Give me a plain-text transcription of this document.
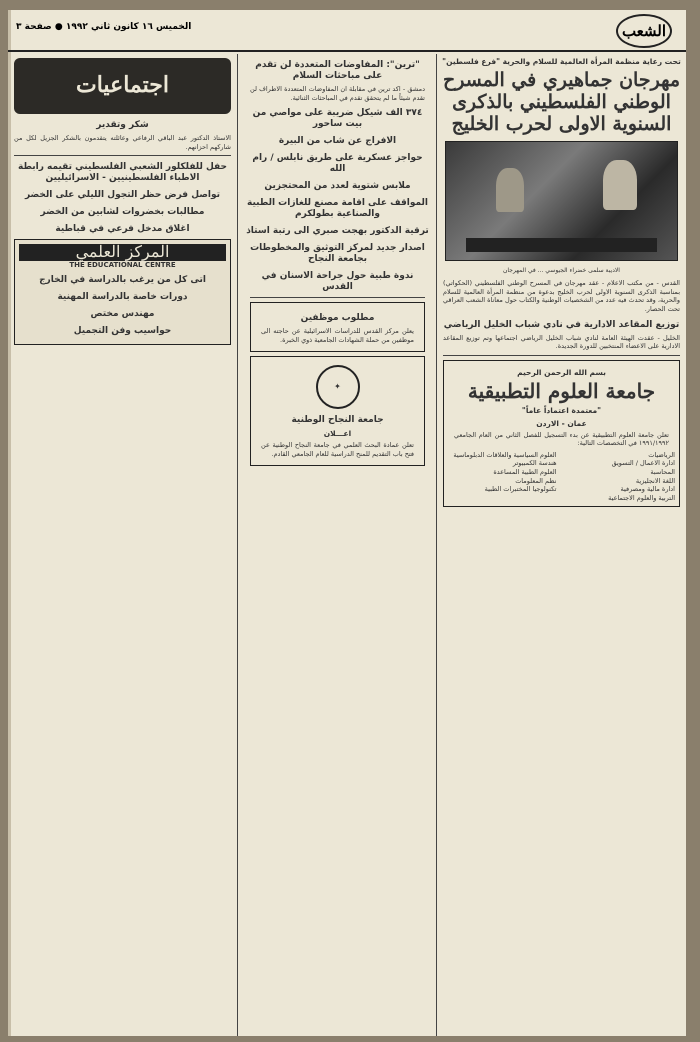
الشعب
الخميس ١٦ كانون ثاني ١٩٩٢ ● صفحة ٣
تحت رعاية منظمة المرأة العالمية للسلام والحرية "فرع فلسطين"
مهرجان جماهيري في المسرح الوطني الفلسطيني بالذكرى السنوية الاولى لحرب الخليج
الاديبة سلمى خضراء الجيوسي ... في المهرجان
القدس - من مكتب الاعلام - عقد مهرجان في المسرح الوطني الفلسطيني (الحكواتي) بمناسبة الذكرى السنوية الاولى لحرب الخليج بدعوة من منظمة المرأة العالمية للسلام والحرية، وقد تحدث فيه عدد من الشخصيات الوطنية والكتاب حول معاناة الشعب العراقي تحت الحصار.
توزيع المقاعد الادارية في نادي شباب الخليل الرياضي
الخليل - عقدت الهيئة العامة لنادي شباب الخليل الرياضي اجتماعها وتم توزيع المقاعد الادارية على الاعضاء المنتخبين للدورة الجديدة.
بسم الله الرحمن الرحيم
جامعة العلوم التطبيقية
"معتمدة اعتماداً عاماً"
عمان - الاردن
تعلن جامعة العلوم التطبيقية عن بدء التسجيل للفصل الثاني من العام الجامعي ١٩٩١/١٩٩٢ في التخصصات التالية:
الرياضيات
ادارة الاعمال / التسويق
المحاسبة
اللغة الانجليزية
ادارة مالية ومصرفية
التربية والعلوم الاجتماعية
العلوم السياسية والعلاقات الدبلوماسية
هندسة الكمبيوتر
العلوم الطبية المساعدة
نظم المعلومات
تكنولوجيا المختبرات الطبية
"ترين": المفاوضات المتعددة لن تقدم على مباحثات السلام
دمشق - اكد ترين في مقابلة ان المفاوضات المتعددة الاطراف لن تقدم شيئاً ما لم يتحقق تقدم في المباحثات الثنائية.
٣٧٤ الف شيكل ضريبة على مواصي من بيت ساحور
الافراج عن شاب من البيرة
حواجز عسكرية على طريق نابلس / رام الله
ملابس شتوية لعدد من المحتجزين
المواقف على اقامة مصنع للغازات الطبية والصناعية بطولكرم
ترقية الدكتور بهجت صبري الى رتبة استاذ
اصدار جديد لمركز التوثيق والمخطوطات بجامعة النجاح
ندوة طبية حول جراحة الاسنان في القدس
مطلوب موظفين
يعلن مركز القدس للدراسات الاسرائيلية عن حاجته الى موظفين من حملة الشهادات الجامعية ذوي الخبرة.
✦
جامعة النجاح الوطنية
اعـــلان
تعلن عمادة البحث العلمي في جامعة النجاح الوطنية عن فتح باب التقديم للمنح الدراسية للعام الجامعي القادم.
اجتماعيات
شكر وتقدير
الاستاذ الدكتور عبد الباقي الرفاعي وعائلته يتقدمون بالشكر الجزيل لكل من شاركهم احزانهم.
حفل للفلكلور الشعبي الفلسطيني تقيمه رابطة الاطباء الفلسطينيين - الاسرائيليين
تواصل فرض حظر التجول الليلي على الخضر
مطالبات بخضروات لشابين من الخضر
اغلاق مدخل فرعي في قباطية
المركز العلمي
THE EDUCATIONAL CENTRE
اتى كل من يرغب بالدراسة في الخارج
دورات خاصة بالدراسة المهنية
مهندس مختص
حواسيب وفن التجميل
